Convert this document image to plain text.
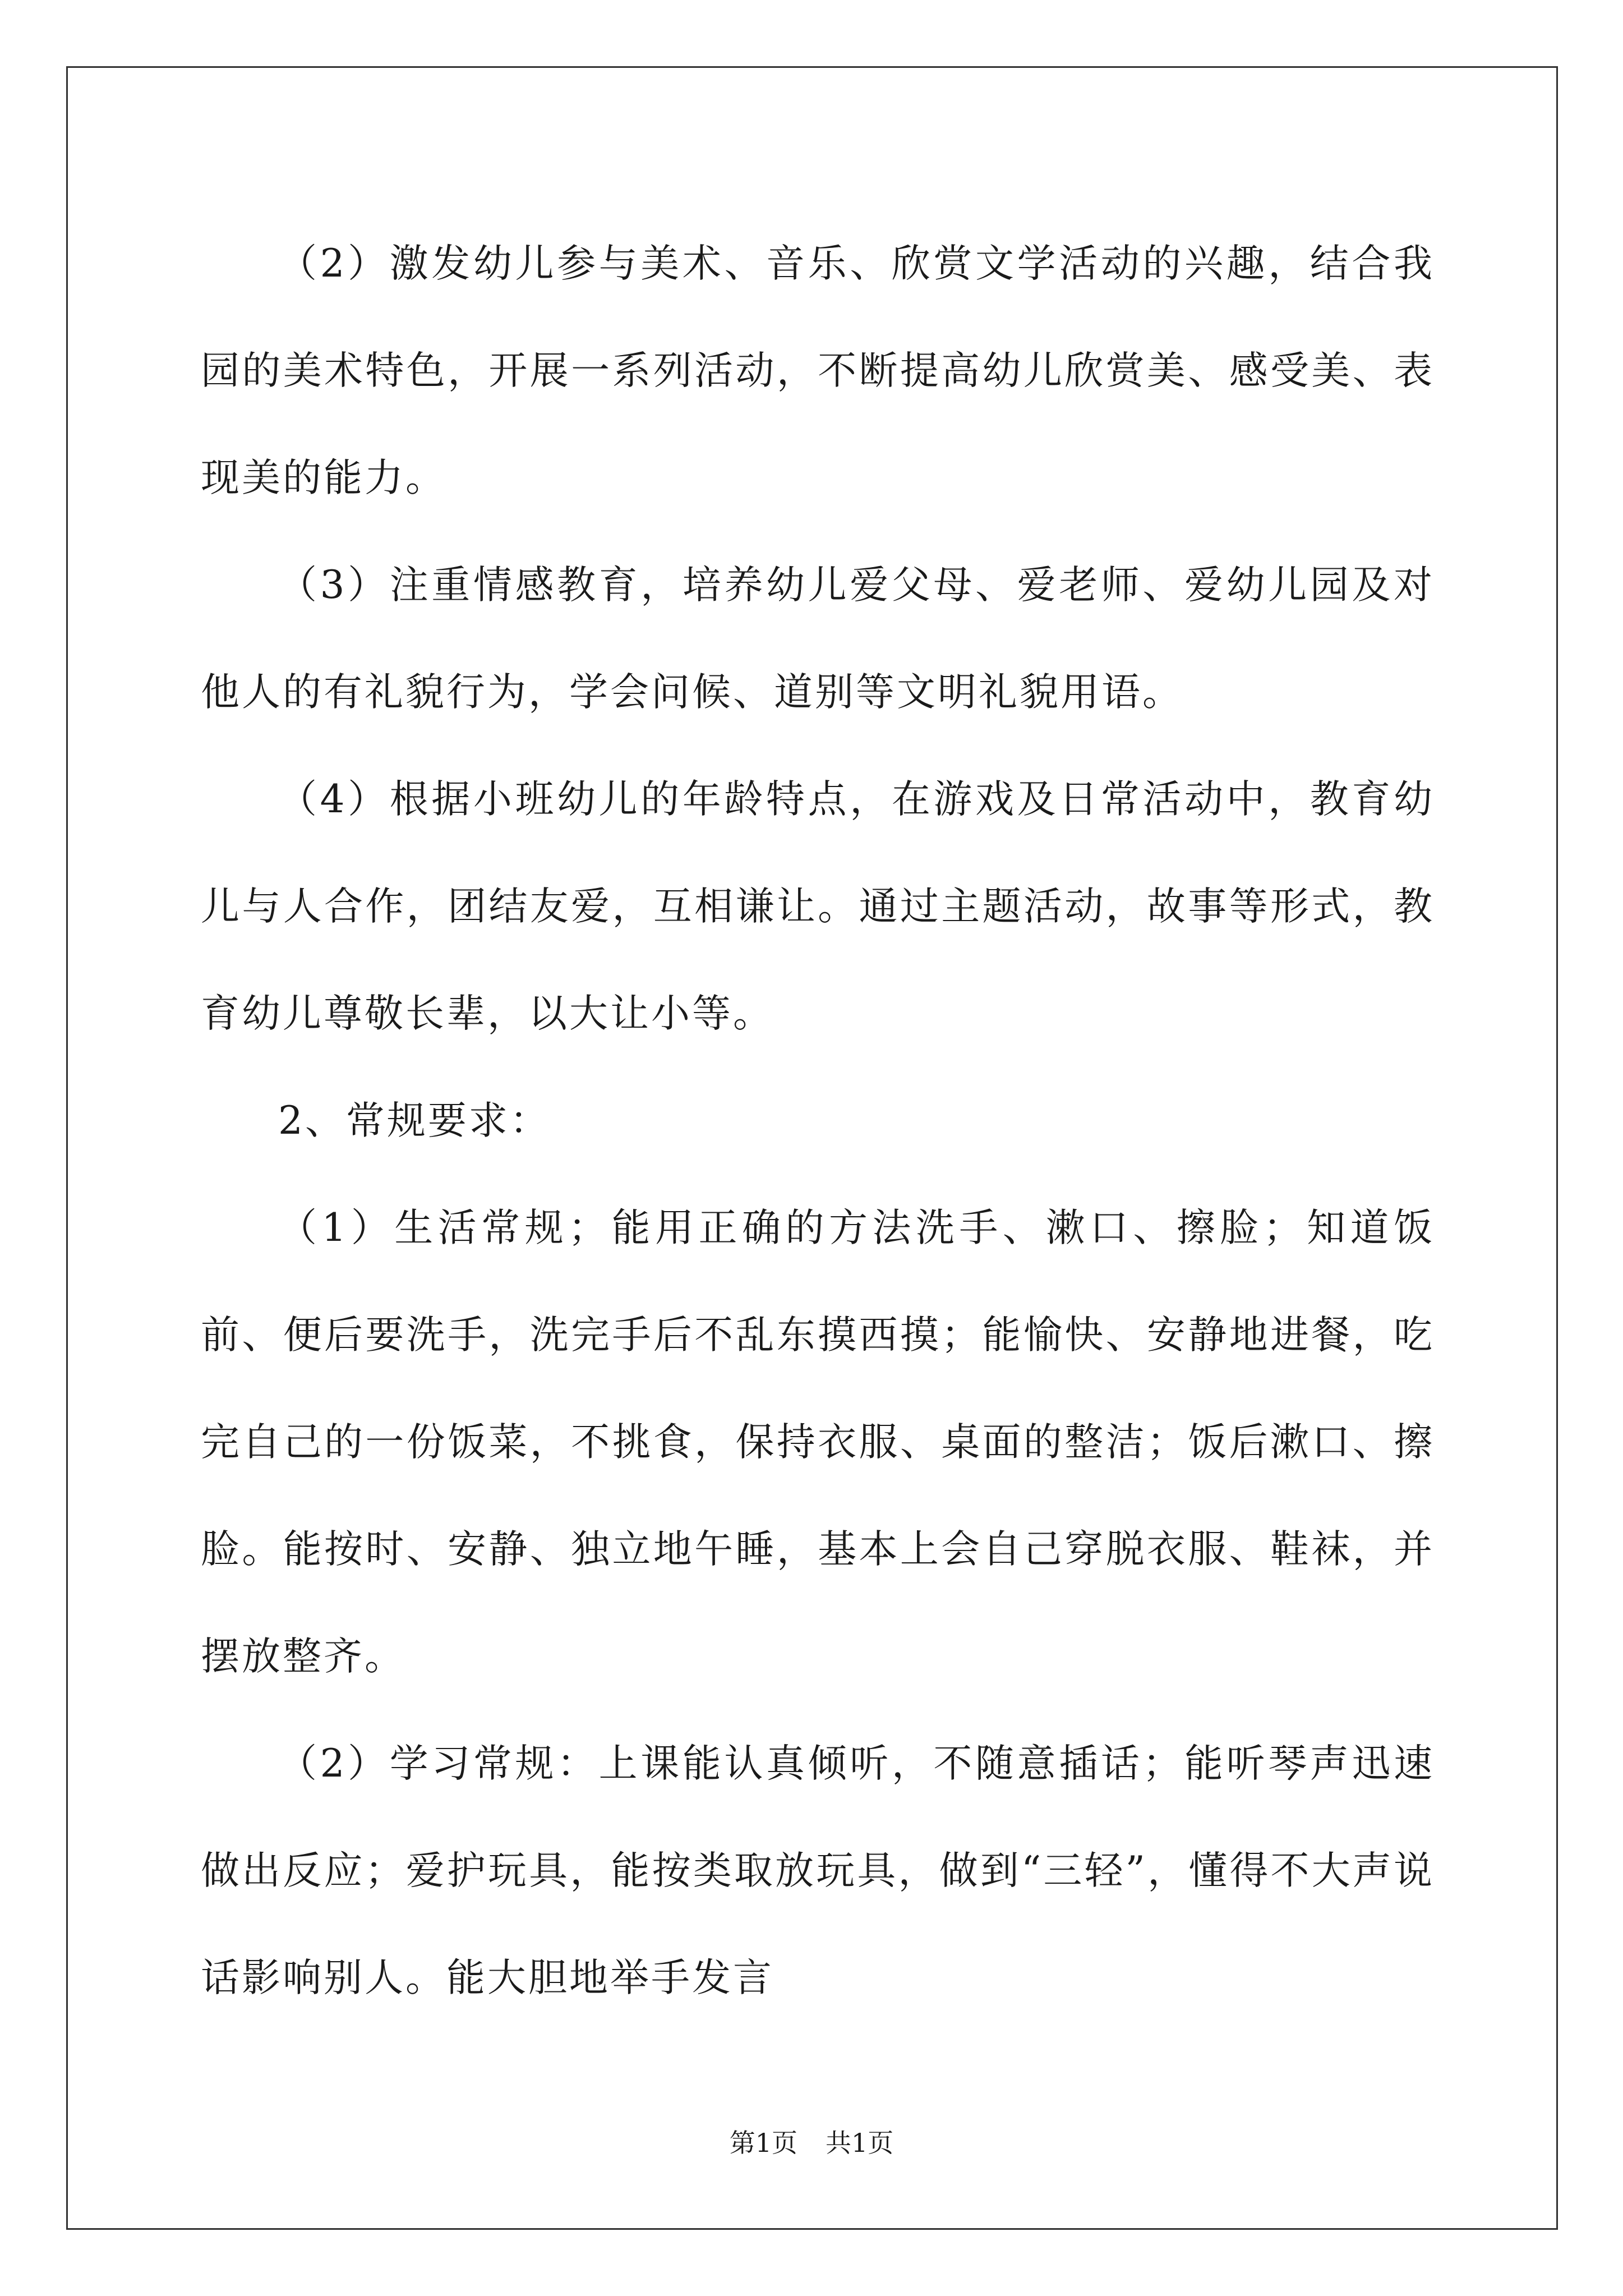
（2）激发幼儿参与美术、音乐、欣赏文学活动的兴趣，结合我园的美术特色，开展一系列活动，不断提高幼儿欣赏美、感受美、表现美的能力。

（3）注重情感教育，培养幼儿爱父母、爱老师、爱幼儿园及对他人的有礼貌行为，学会问候、道别等文明礼貌用语。

（4）根据小班幼儿的年龄特点，在游戏及日常活动中，教育幼儿与人合作，团结友爱，互相谦让。通过主题活动，故事等形式，教育幼儿尊敬长辈，以大让小等。

2、常规要求：

（1）生活常规；能用正确的方法洗手、漱口、擦脸；知道饭前、便后要洗手，洗完手后不乱东摸西摸；能愉快、安静地进餐，吃完自己的一份饭菜，不挑食，保持衣服、桌面的整洁；饭后漱口、擦脸。能按时、安静、独立地午睡，基本上会自己穿脱衣服、鞋袜，并摆放整齐。

（2）学习常规：上课能认真倾听，不随意插话；能听琴声迅速做出反应；爱护玩具，能按类取放玩具，做到“三轻”，懂得不大声说话影响别人。能大胆地举手发言

第1页 共1页
